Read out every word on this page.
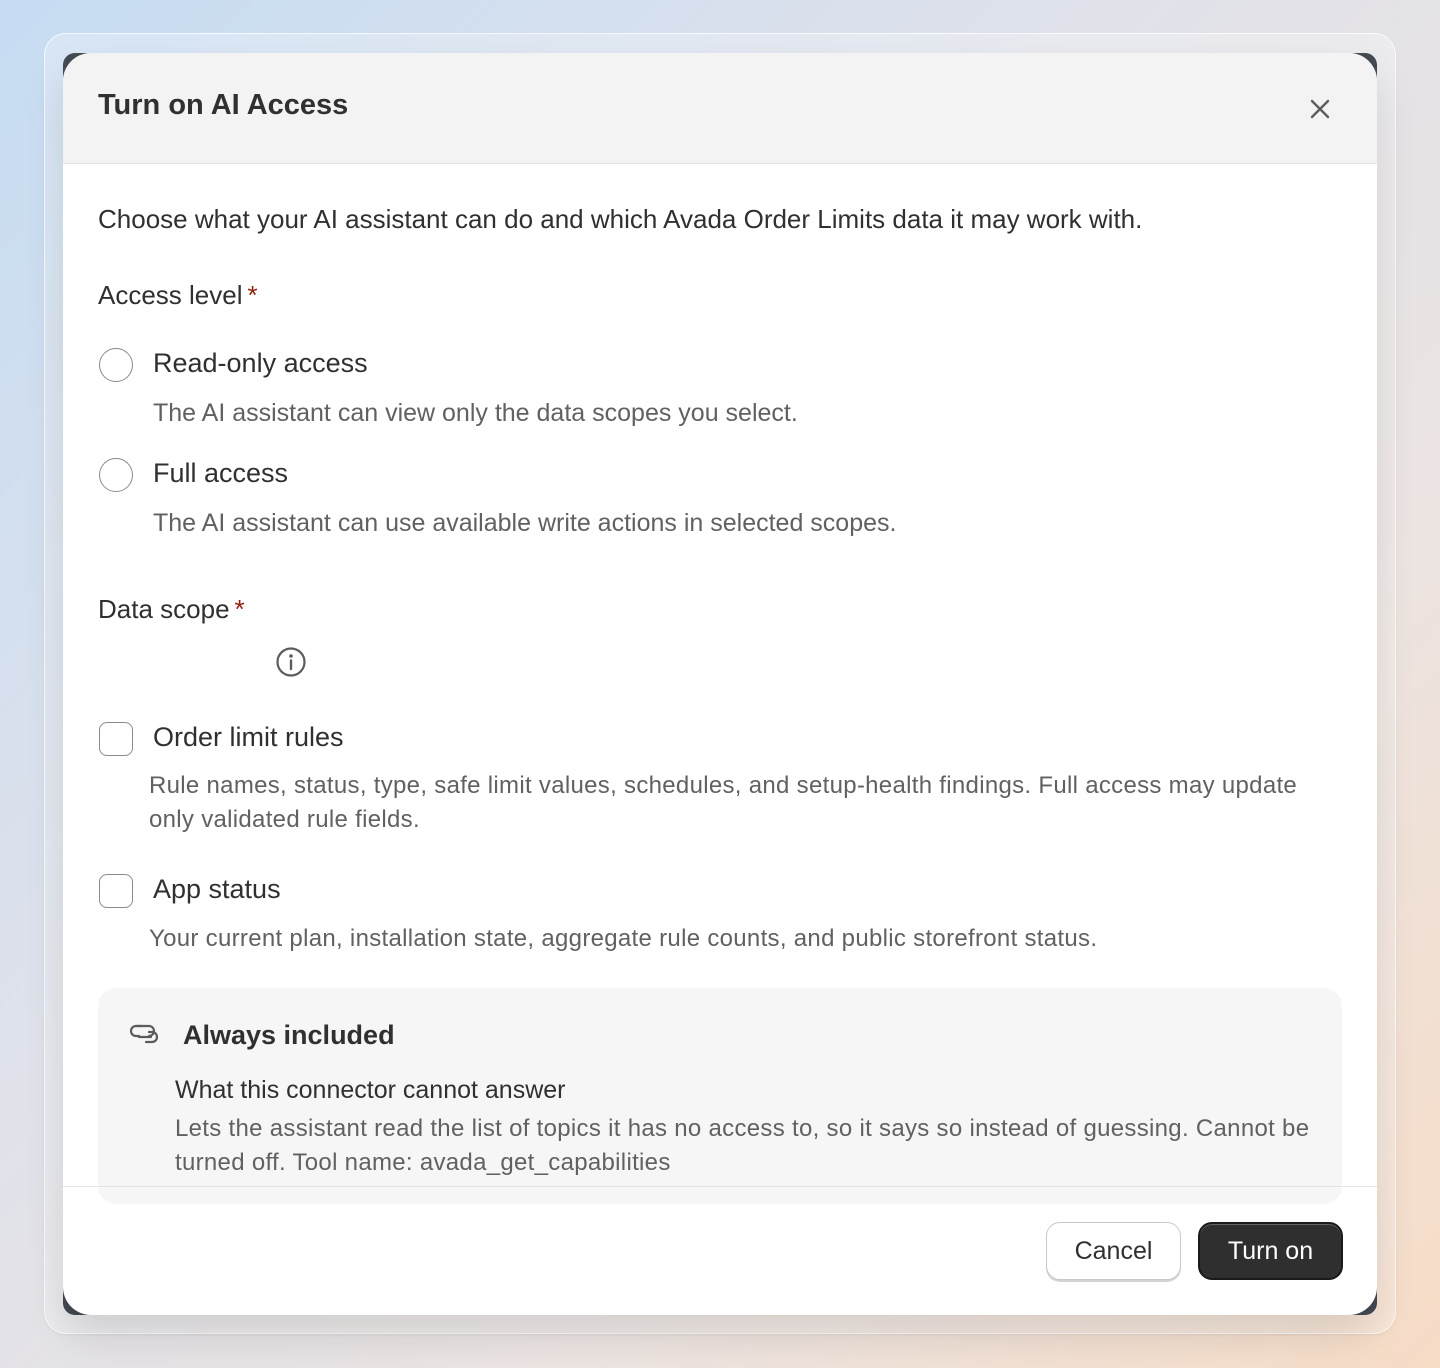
Turn on AI Access
Choose what your AI assistant can do and which Avada Order Limits data it may work with.
Access level *
Read-only access
The AI assistant can view only the data scopes you select.
Full access
The AI assistant can use available write actions in selected scopes.
Data scope *
Order limit rules
Rule names, status, type, safe limit values, schedules, and setup-health findings. Full access may update only validated rule fields.
App status
Your current plan, installation state, aggregate rule counts, and public storefront status.
Always included
What this connector cannot answer
Lets the assistant read the list of topics it has no access to, so it says so instead of guessing. Cannot be turned off. Tool name: avada_get_capabilities
Cancel	Turn on
